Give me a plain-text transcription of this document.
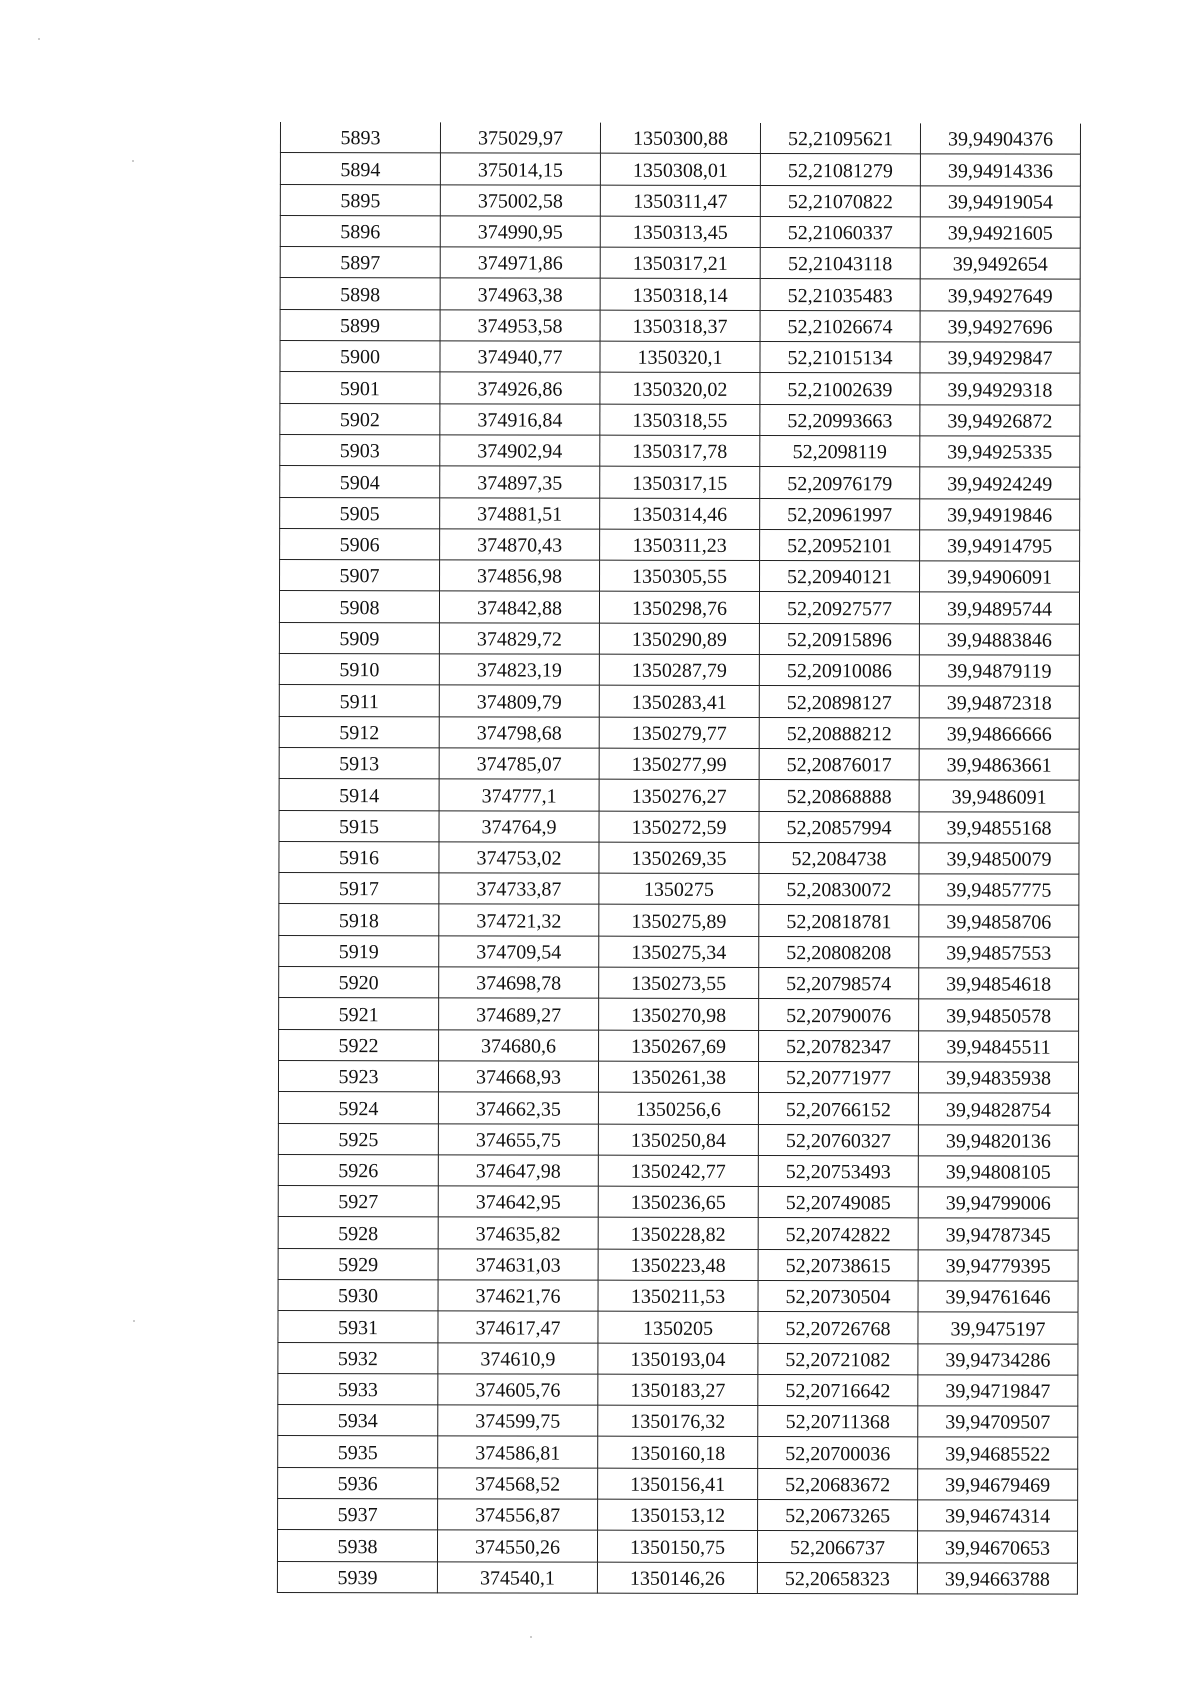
5893	375029,97	1350300,88	52,21095621	39,94904376
5894	375014,15	1350308,01	52,21081279	39,94914336
5895	375002,58	1350311,47	52,21070822	39,94919054
5896	374990,95	1350313,45	52,21060337	39,94921605
5897	374971,86	1350317,21	52,21043118	39,9492654
5898	374963,38	1350318,14	52,21035483	39,94927649
5899	374953,58	1350318,37	52,21026674	39,94927696
5900	374940,77	1350320,1	52,21015134	39,94929847
5901	374926,86	1350320,02	52,21002639	39,94929318
5902	374916,84	1350318,55	52,20993663	39,94926872
5903	374902,94	1350317,78	52,2098119	39,94925335
5904	374897,35	1350317,15	52,20976179	39,94924249
5905	374881,51	1350314,46	52,20961997	39,94919846
5906	374870,43	1350311,23	52,20952101	39,94914795
5907	374856,98	1350305,55	52,20940121	39,94906091
5908	374842,88	1350298,76	52,20927577	39,94895744
5909	374829,72	1350290,89	52,20915896	39,94883846
5910	374823,19	1350287,79	52,20910086	39,94879119
5911	374809,79	1350283,41	52,20898127	39,94872318
5912	374798,68	1350279,77	52,20888212	39,94866666
5913	374785,07	1350277,99	52,20876017	39,94863661
5914	374777,1	1350276,27	52,20868888	39,9486091
5915	374764,9	1350272,59	52,20857994	39,94855168
5916	374753,02	1350269,35	52,2084738	39,94850079
5917	374733,87	1350275	52,20830072	39,94857775
5918	374721,32	1350275,89	52,20818781	39,94858706
5919	374709,54	1350275,34	52,20808208	39,94857553
5920	374698,78	1350273,55	52,20798574	39,94854618
5921	374689,27	1350270,98	52,20790076	39,94850578
5922	374680,6	1350267,69	52,20782347	39,94845511
5923	374668,93	1350261,38	52,20771977	39,94835938
5924	374662,35	1350256,6	52,20766152	39,94828754
5925	374655,75	1350250,84	52,20760327	39,94820136
5926	374647,98	1350242,77	52,20753493	39,94808105
5927	374642,95	1350236,65	52,20749085	39,94799006
5928	374635,82	1350228,82	52,20742822	39,94787345
5929	374631,03	1350223,48	52,20738615	39,94779395
5930	374621,76	1350211,53	52,20730504	39,94761646
5931	374617,47	1350205	52,20726768	39,9475197
5932	374610,9	1350193,04	52,20721082	39,94734286
5933	374605,76	1350183,27	52,20716642	39,94719847
5934	374599,75	1350176,32	52,20711368	39,94709507
5935	374586,81	1350160,18	52,20700036	39,94685522
5936	374568,52	1350156,41	52,20683672	39,94679469
5937	374556,87	1350153,12	52,20673265	39,94674314
5938	374550,26	1350150,75	52,2066737	39,94670653
5939	374540,1	1350146,26	52,20658323	39,94663788
